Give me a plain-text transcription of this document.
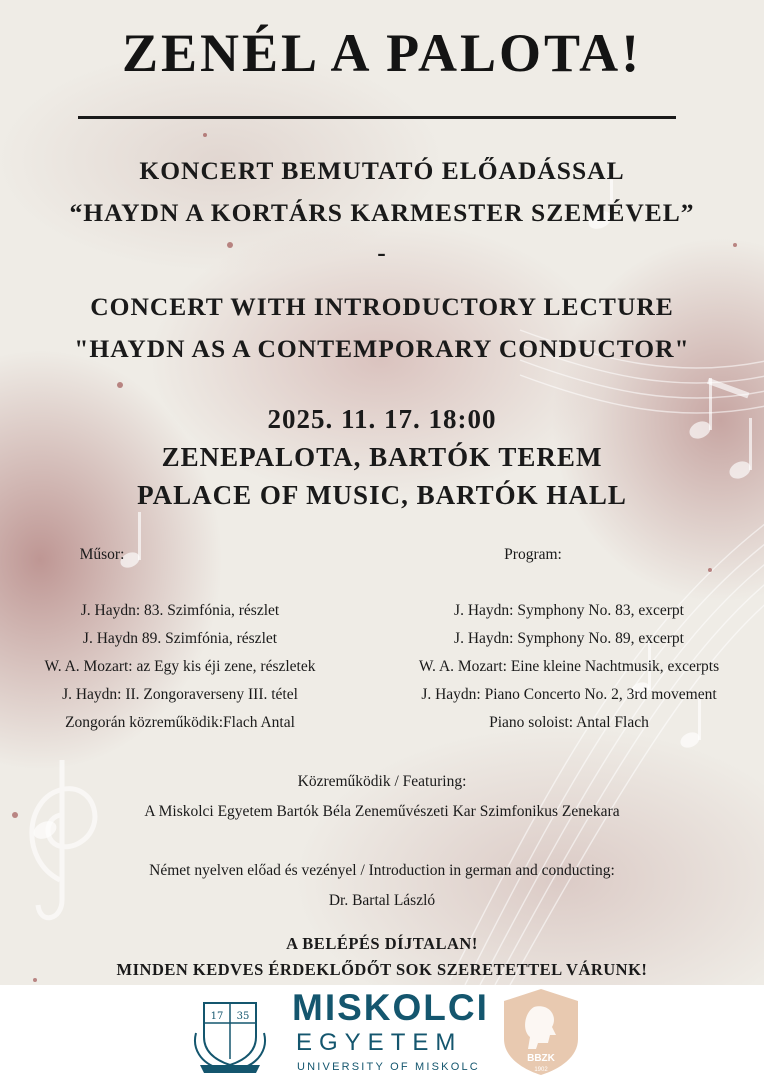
ZENÉL A PALOTA!
KONCERT BEMUTATÓ ELŐADÁSSAL
“HAYDN A KORTÁRS KARMESTER SZEMÉVEL”
-
CONCERT WITH INTRODUCTORY LECTURE
"HAYDN AS A CONTEMPORARY CONDUCTOR"
2025. 11. 17. 18:00
ZENEPALOTA, BARTÓK TEREM
PALACE OF MUSIC, BARTÓK HALL
Műsor:
J. Haydn: 83. Szimfónia, részlet
J. Haydn 89. Szimfónia, részlet
W. A. Mozart: az Egy kis éji zene, részletek
J. Haydn: II. Zongoraverseny III. tétel
Zongorán közreműködik:Flach Antal
Program:
J. Haydn: Symphony No. 83, excerpt
J. Haydn: Symphony No. 89, excerpt
W. A. Mozart: Eine kleine Nachtmusik, excerpts
J. Haydn: Piano Concerto No. 2, 3rd movement
Piano soloist: Antal Flach
Közreműködik / Featuring:
A Miskolci Egyetem Bartók Béla Zeneművészeti Kar Szimfonikus Zenekara
Német nyelven előad és vezényel / Introduction in german and conducting:
Dr. Bartal László
A BELÉPÉS DÍJTALAN!
MINDEN KEDVES ÉRDEKLŐDŐT SOK SZERETETTEL VÁRUNK!
17 35 MISKOLCI
EGYETEM
UNIVERSITY OF MISKOLC
BBZK
1902
